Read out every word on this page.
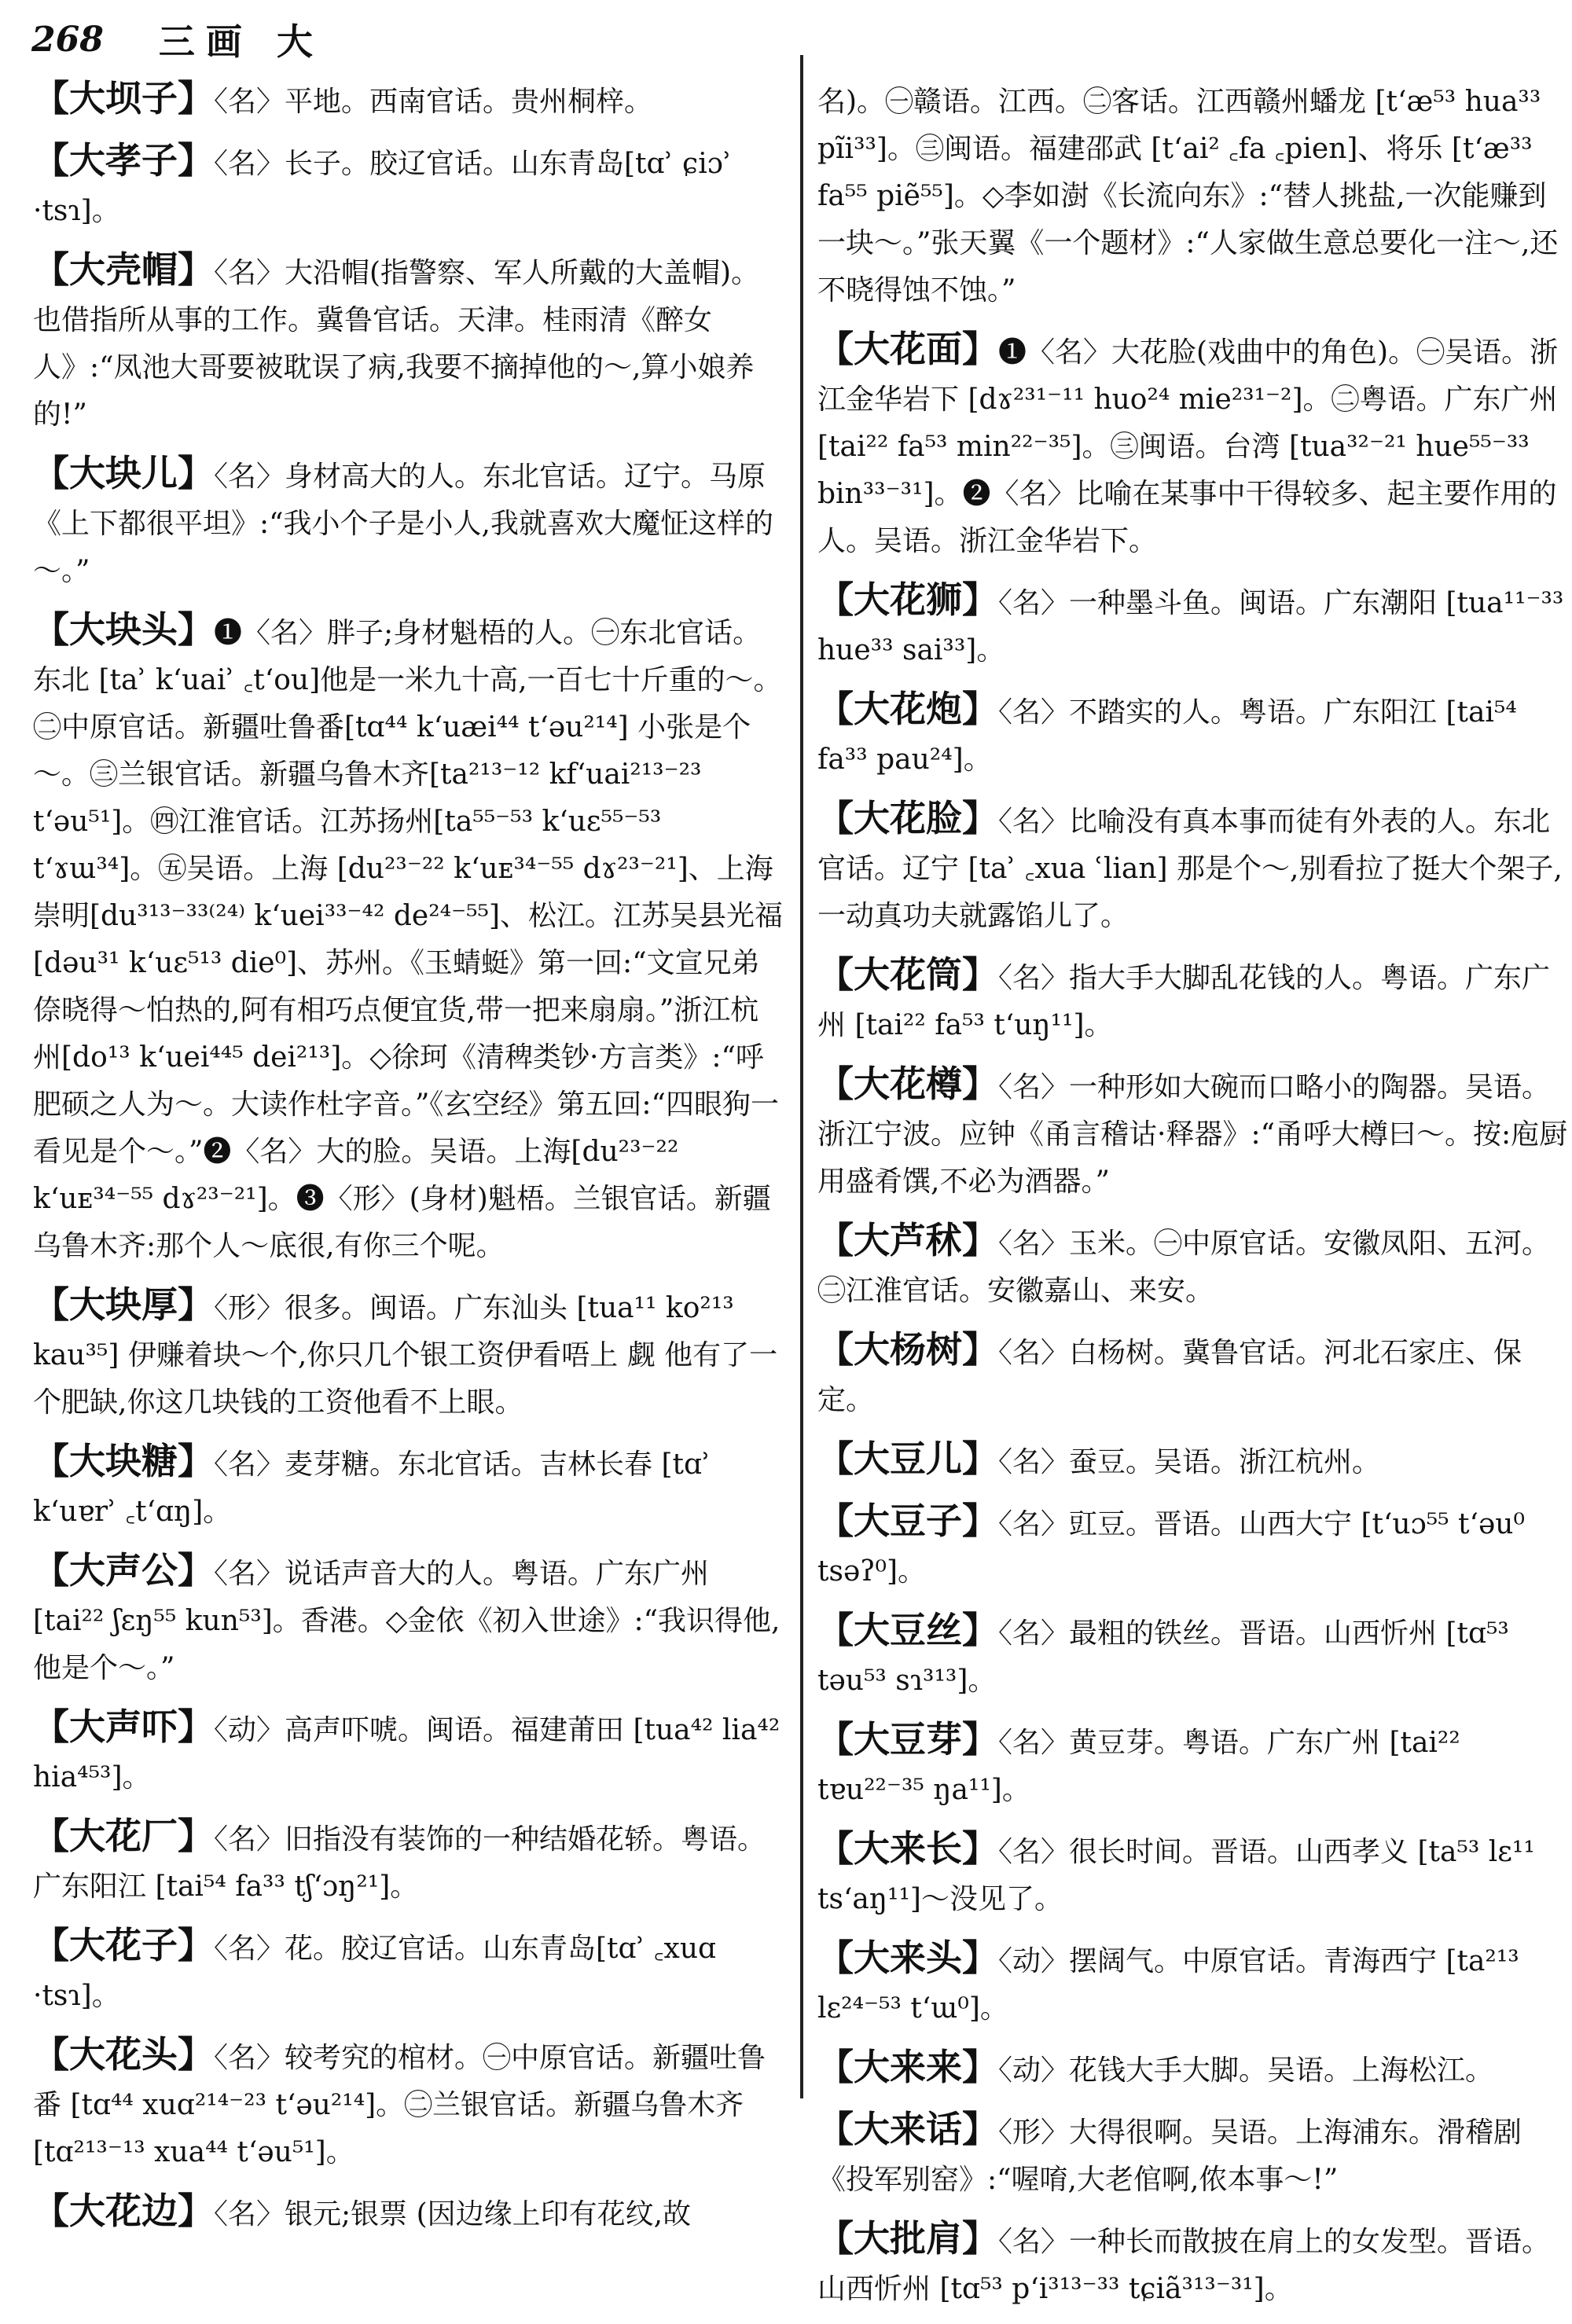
268 三画 大
【大坝子】〈名〉平地。西南官话。贵州桐梓。
【大孝子】〈名〉长子。胶辽官话。山东青岛[tɑʾ ɕiɔʾ ·tsɿ]。
【大壳帽】〈名〉大沿帽(指警察、军人所戴的大盖帽)。也借指所从事的工作。冀鲁官话。天津。桂雨清《醉女人》:“凤池大哥要被耽误了病,我要不摘掉他的～,算小娘养的!”
【大块儿】〈名〉身材高大的人。东北官话。辽宁。马原《上下都很平坦》:“我小个子是小人,我就喜欢大魔怔这样的～。”
【大块头】❶〈名〉胖子;身材魁梧的人。㊀东北官话。东北 [taʾ kʻuaiʾ ꜀tʻou]他是一米九十高,一百七十斤重的～。㊁中原官话。新疆吐鲁番[tɑ⁴⁴ kʻuæi⁴⁴ tʻəu²¹⁴] 小张是个～。㊂兰银官话。新疆乌鲁木齐[ta²¹³⁻¹² kfʻuai²¹³⁻²³ tʻəu⁵¹]。㊃江淮官话。江苏扬州[ta⁵⁵⁻⁵³ kʻuɛ⁵⁵⁻⁵³ tʻɤɯ³⁴]。㊄吴语。上海 [du²³⁻²² kʻuᴇ³⁴⁻⁵⁵ dɤ²³⁻²¹]、上海崇明[du³¹³⁻³³⁽²⁴⁾ kʻuei³³⁻⁴² de²⁴⁻⁵⁵]、松江。江苏吴县光福[dəu³¹ kʻuɛ⁵¹³ die⁰]、苏州。《玉蜻蜓》第一回:“文宣兄弟倷晓得～怕热的,阿有相巧点便宜货,带一把来扇扇。”浙江杭州[do¹³ kʻuei⁴⁴⁵ dei²¹³]。◇徐珂《清稗类钞·方言类》:“呼肥硕之人为～。大读作杜字音。”《玄空经》第五回:“四眼狗一看见是个～。”❷〈名〉大的脸。吴语。上海[du²³⁻²² kʻuᴇ³⁴⁻⁵⁵ dɤ²³⁻²¹]。❸〈形〉(身材)魁梧。兰银官话。新疆乌鲁木齐:那个人～底很,有你三个呢。
【大块厚】〈形〉很多。闽语。广东汕头 [tua¹¹ ko²¹³ kau³⁵] 伊赚着块～个,你只几个银工资伊看唔上 觑 他有了一个肥缺,你这几块钱的工资他看不上眼。
【大块糖】〈名〉麦芽糖。东北官话。吉林长春 [tɑʾ kʻuɐrʾ ꜀tʻɑŋ]。
【大声公】〈名〉说话声音大的人。粤语。广东广州 [tai²² ʃɛŋ⁵⁵ kun⁵³]。香港。◇金依《初入世途》:“我识得他,他是个～。”
【大声吓】〈动〉高声吓唬。闽语。福建莆田 [tua⁴² lia⁴² hia⁴⁵³]。
【大花厂】〈名〉旧指没有装饰的一种结婚花轿。粤语。广东阳江 [tai⁵⁴ fa³³ tʃʻɔŋ²¹]。
【大花子】〈名〉花。胶辽官话。山东青岛[tɑʾ ꜀xuɑ ·tsɿ]。
【大花头】〈名〉较考究的棺材。㊀中原官话。新疆吐鲁番 [tɑ⁴⁴ xuɑ²¹⁴⁻²³ tʻəu²¹⁴]。㊁兰银官话。新疆乌鲁木齐 [tɑ²¹³⁻¹³ xua⁴⁴ tʻəu⁵¹]。
【大花边】〈名〉银元;银票 (因边缘上印有花纹,故
名)。㊀赣语。江西。㊁客话。江西赣州蟠龙 [tʻæ⁵³ hua³³ pĩi³³]。㊂闽语。福建邵武 [tʻai² ꜀fa ꜀pien]、将乐 [tʻæ³³ fa⁵⁵ piẽ⁵⁵]。◇李如澍《长流向东》:“替人挑盐,一次能赚到一块～。”张天翼《一个题材》:“人家做生意总要化一注～,还不晓得蚀不蚀。”
【大花面】❶〈名〉大花脸(戏曲中的角色)。㊀吴语。浙江金华岩下 [dɤ²³¹⁻¹¹ huo²⁴ mie²³¹⁻²]。㊁粤语。广东广州 [tai²² fa⁵³ min²²⁻³⁵]。㊂闽语。台湾 [tua³²⁻²¹ hue⁵⁵⁻³³ bin³³⁻³¹]。❷〈名〉比喻在某事中干得较多、起主要作用的人。吴语。浙江金华岩下。
【大花狮】〈名〉一种墨斗鱼。闽语。广东潮阳 [tua¹¹⁻³³ hue³³ sai³³]。
【大花炮】〈名〉不踏实的人。粤语。广东阳江 [tai⁵⁴ fa³³ pau²⁴]。
【大花脸】〈名〉比喻没有真本事而徒有外表的人。东北官话。辽宁 [taʾ ꜀xua ʿlian] 那是个～,别看拉了挺大个架子,一动真功夫就露馅儿了。
【大花筒】〈名〉指大手大脚乱花钱的人。粤语。广东广州 [tai²² fa⁵³ tʻuŋ¹¹]。
【大花樽】〈名〉一种形如大碗而口略小的陶器。吴语。浙江宁波。应钟《甬言稽诂·释器》:“甬呼大樽曰～。按:庖厨用盛肴馔,不必为酒器。”
【大芦秫】〈名〉玉米。㊀中原官话。安徽凤阳、五河。㊁江淮官话。安徽嘉山、来安。
【大杨树】〈名〉白杨树。冀鲁官话。河北石家庄、保定。
【大豆儿】〈名〉蚕豆。吴语。浙江杭州。
【大豆子】〈名〉豇豆。晋语。山西大宁 [tʻuɔ⁵⁵ tʻəu⁰ tsəʔ⁰]。
【大豆丝】〈名〉最粗的铁丝。晋语。山西忻州 [tɑ⁵³ təu⁵³ sɿ³¹³]。
【大豆芽】〈名〉黄豆芽。粤语。广东广州 [tai²² tɐu²²⁻³⁵ ŋa¹¹]。
【大来长】〈名〉很长时间。晋语。山西孝义 [ta⁵³ lɛ¹¹ tsʻaŋ¹¹]～没见了。
【大来头】〈动〉摆阔气。中原官话。青海西宁 [ta²¹³ lɛ²⁴⁻⁵³ tʻɯ⁰]。
【大来来】〈动〉花钱大手大脚。吴语。上海松江。
【大来话】〈形〉大得很啊。吴语。上海浦东。滑稽剧《投军别窑》:“喔唷,大老倌啊,侬本事～!”
【大批肩】〈名〉一种长而散披在肩上的女发型。晋语。山西忻州 [tɑ⁵³ pʻi³¹³⁻³³ tɕiã³¹³⁻³¹]。
